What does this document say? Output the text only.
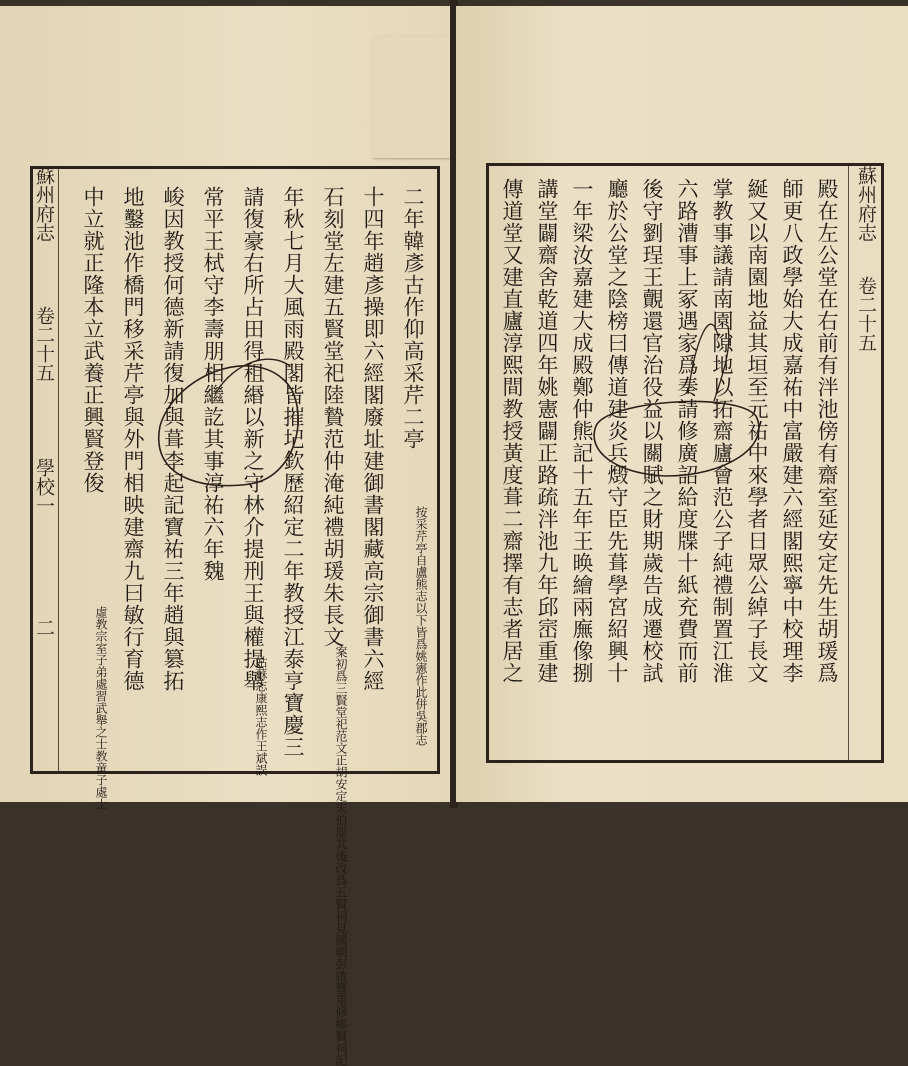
蘇州府志
卷二十五
學校一
二
二年韓彥古作仰高采芹二亭
按采芹亭自盧熊志以下皆爲姚憲作此併吳郡志
十四年趙彥操即六經閣廢址建御書閣藏高宗御書六經
石刻堂左建五賢堂祀陸贄范仲淹純禮胡瑗朱長文
案初爲三賢堂祀范文正胡安定朱伯原其後改爲五賢祠見國朝彭啟豐重修鄉賢祠記
年秋七月大風雨殿閣皆摧圮欽歷紹定二年教授江泰亨寶慶三
請復豪右所占田得租緡以新之守林介提刑王與權提舉
姑蘇志康熙志作王斌誤
常平王栻守李壽朋相繼訖其事淳祐六年魏
峻因教授何德新請復加與葺李起記寶祐三年趙與篡拓
地鑿池作橋門移采芹亭與外門相映建齋九曰敏行育德
中立就正隆本立武養正興賢登俊
虛教宗室子弟處習武舉之士教童子處士
蘇州府志
卷二十五
殿在左公堂在右前有泮池傍有齋室延安定先生胡瑗爲
師更八政學始大成嘉祐中富嚴建六經閣熙寧中校理李
綖又以南園地益其垣至元祐中來學者日眾公綽子長文
掌教事議請南園隙地以拓齋廬會范公子純禮制置江淮
六路漕事上冢遇家爲奏請修廣詔給度牒十紙充費而前
後守劉珵王覿還官治役益以關賦之財期歲告成遷校試
廳於公堂之陰榜曰傳道建炎兵燬守臣先葺學宮紹興十
一年梁汝嘉建大成殿鄭仲熊記十五年王㬇繪兩廡像捌
講堂闢齋舍乾道四年姚憲闢正路疏泮池九年邱崈重建
傳道堂又建直廬淳熙間教授黃度葺二齋擇有志者居之
